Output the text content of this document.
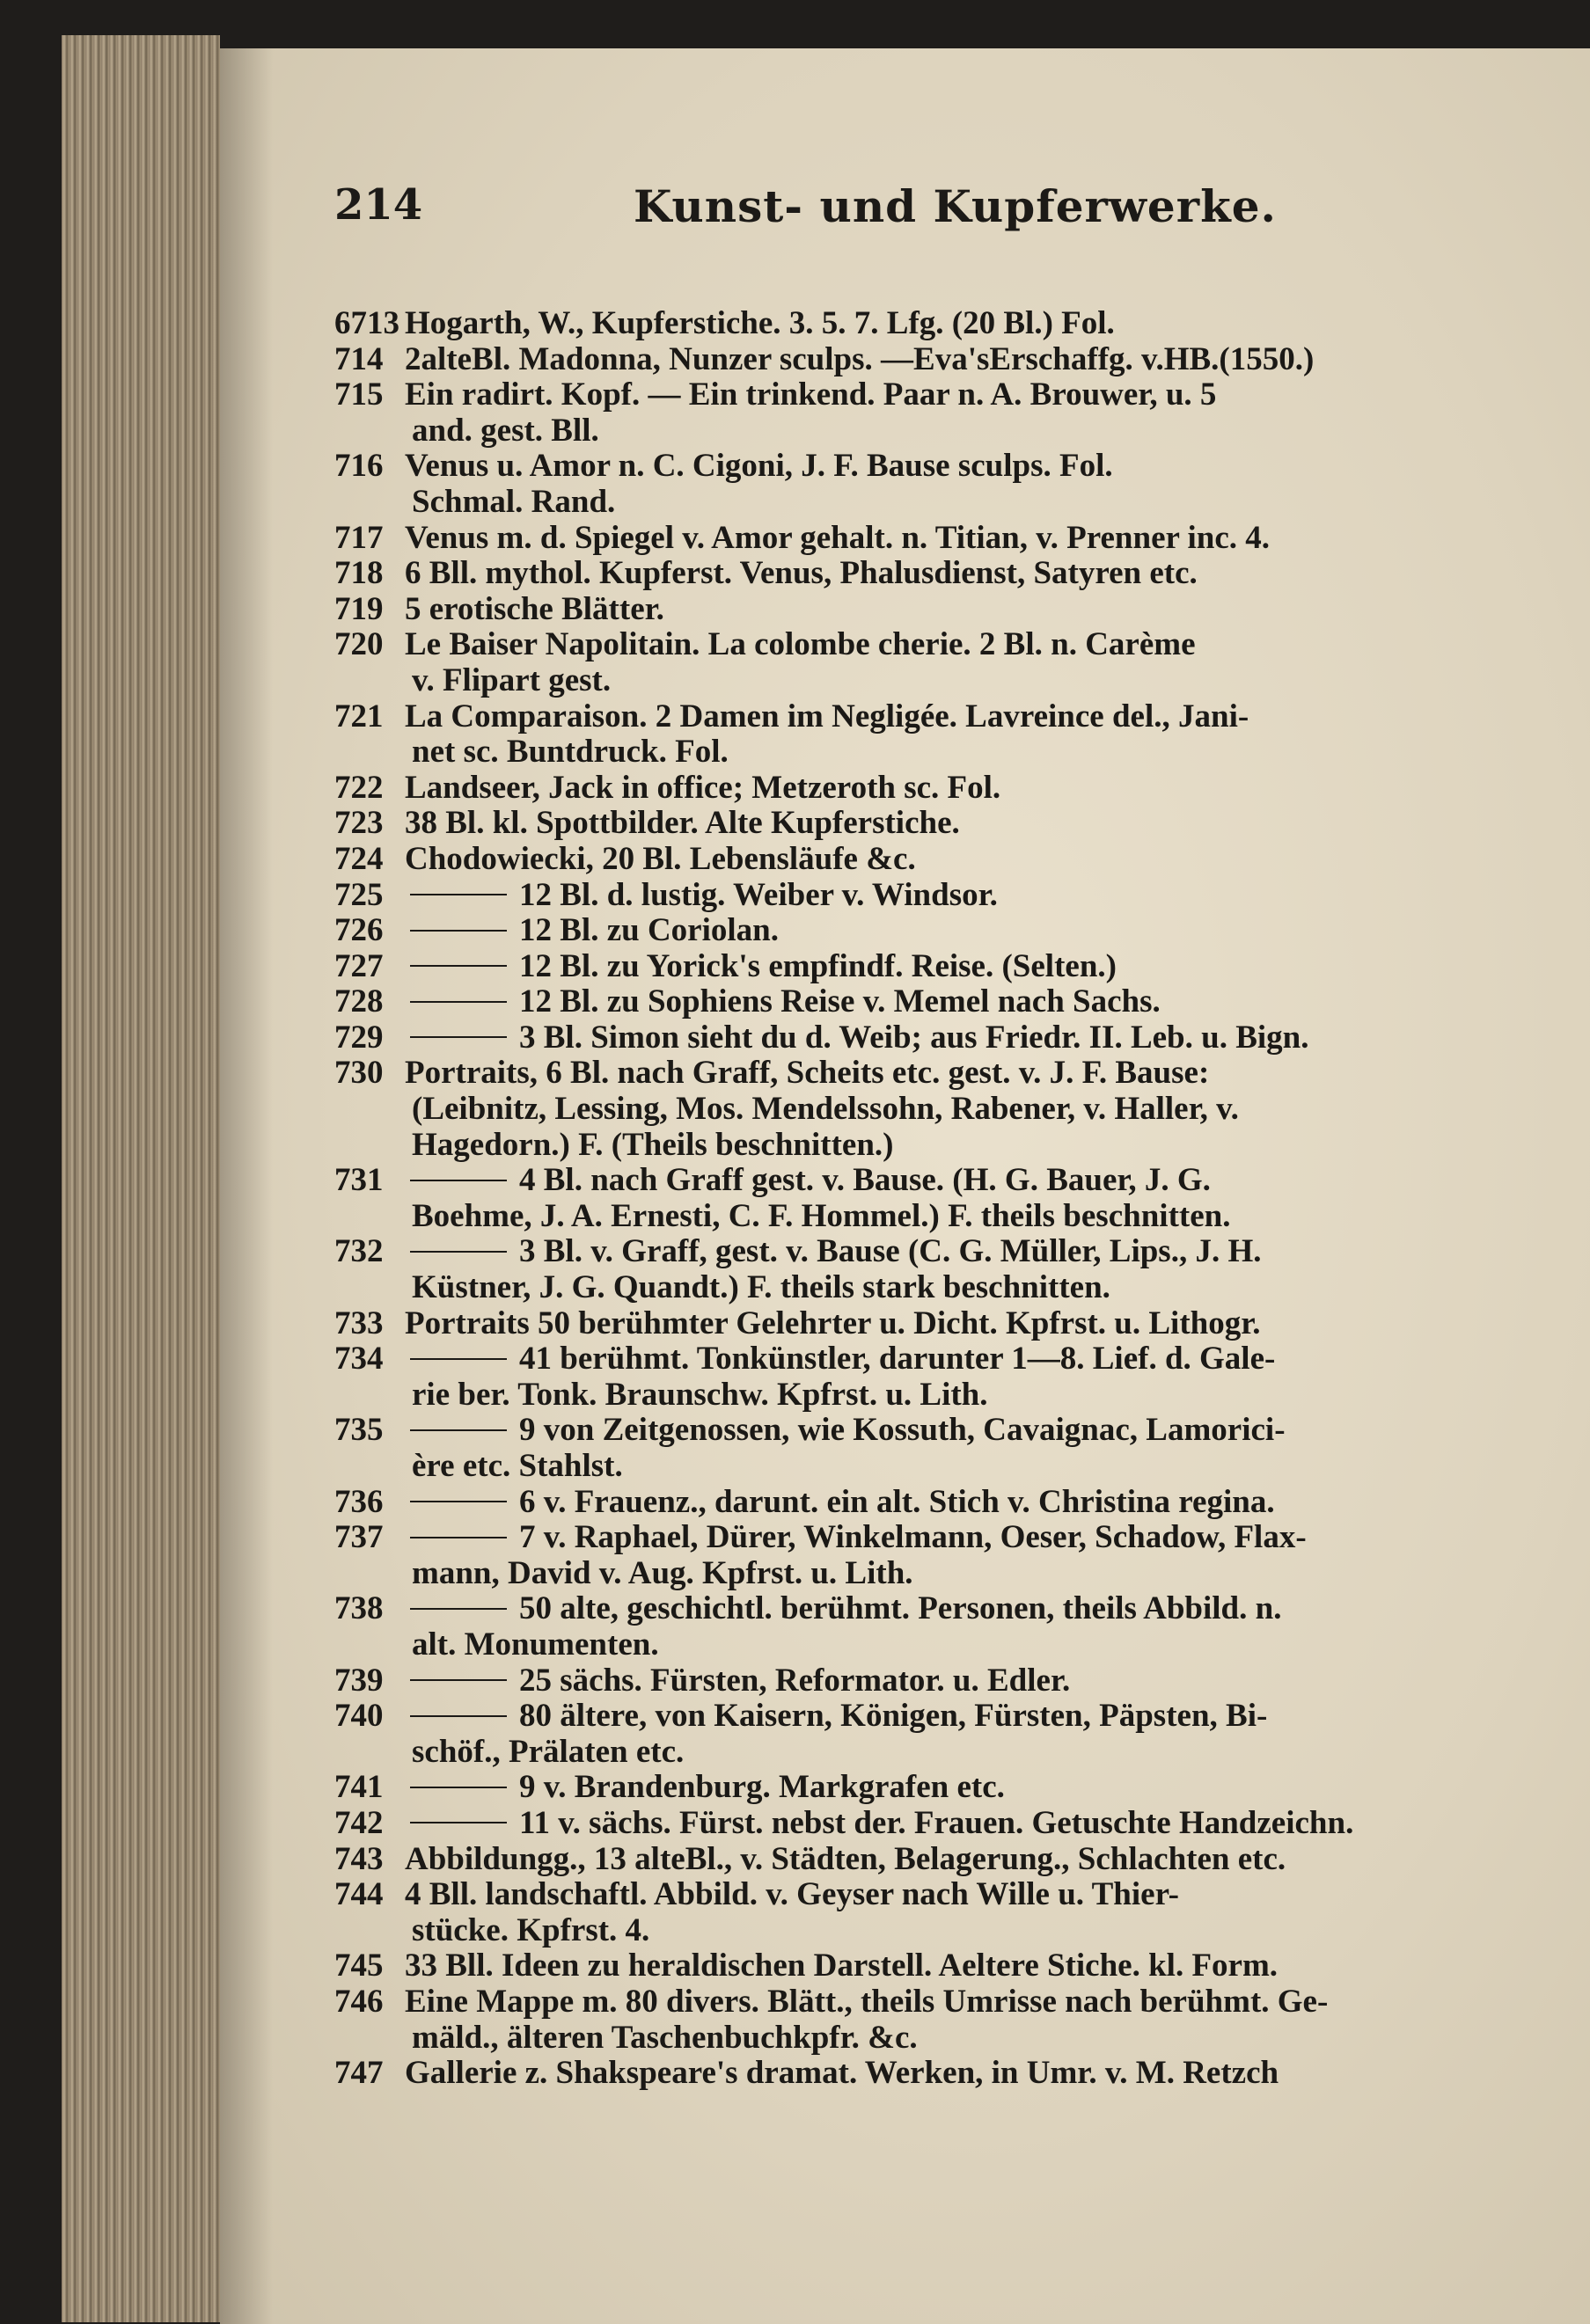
214	Kunst- und Kupferwerke.
6713 Hogarth, W., Kupferstiche. 3. 5. 7. Lfg. (20 Bl.) Fol.
714 2alteBl. Madonna, Nunzer sculps. —Eva'sErschaffg. v.HB.(1550.)
715 Ein radirt. Kopf. — Ein trinkend. Paar n. A. Brouwer, u. 5
and. gest. Bll.
716 Venus u. Amor n. C. Cigoni, J. F. Bause sculps. Fol.
Schmal. Rand.
717 Venus m. d. Spiegel v. Amor gehalt. n. Titian, v. Prenner inc. 4.
718 6 Bll. mythol. Kupferst. Venus, Phalusdienst, Satyren etc.
719 5 erotische Blätter.
720 Le Baiser Napolitain. La colombe cherie. 2 Bl. n. Carème
v. Flipart gest.
721 La Comparaison. 2 Damen im Negligée. Lavreince del., Jani-
net sc. Buntdruck. Fol.
722 Landseer, Jack in office; Metzeroth sc. Fol.
723 38 Bl. kl. Spottbilder. Alte Kupferstiche.
724 Chodowiecki, 20 Bl. Lebensläufe &c.
725	12 Bl. d. lustig. Weiber v. Windsor.
726	12 Bl. zu Coriolan.
727	12 Bl. zu Yorick's empfindf. Reise. (Selten.)
728	12 Bl. zu Sophiens Reise v. Memel nach Sachs.
729	3 Bl. Simon sieht du d. Weib; aus Friedr. II. Leb. u. Bign.
730 Portraits, 6 Bl. nach Graff, Scheits etc. gest. v. J. F. Bause:
(Leibnitz, Lessing, Mos. Mendelssohn, Rabener, v. Haller, v.
Hagedorn.) F. (Theils beschnitten.)
731	4 Bl. nach Graff gest. v. Bause. (H. G. Bauer, J. G.
Boehme, J. A. Ernesti, C. F. Hommel.) F. theils beschnitten.
732	3 Bl. v. Graff, gest. v. Bause (C. G. Müller, Lips., J. H.
Küstner, J. G. Quandt.) F. theils stark beschnitten.
733 Portraits 50 berühmter Gelehrter u. Dicht. Kpfrst. u. Lithogr.
734	41 berühmt. Tonkünstler, darunter 1—8. Lief. d. Gale-
rie ber. Tonk. Braunschw. Kpfrst. u. Lith.
735	9 von Zeitgenossen, wie Kossuth, Cavaignac, Lamorici-
ère etc. Stahlst.
736	6 v. Frauenz., darunt. ein alt. Stich v. Christina regina.
737	7 v. Raphael, Dürer, Winkelmann, Oeser, Schadow, Flax-
mann, David v. Aug. Kpfrst. u. Lith.
738	50 alte, geschichtl. berühmt. Personen, theils Abbild. n.
alt. Monumenten.
739	25 sächs. Fürsten, Reformator. u. Edler.
740	80 ältere, von Kaisern, Königen, Fürsten, Päpsten, Bi-
schöf., Prälaten etc.
741	9 v. Brandenburg. Markgrafen etc.
742	11 v. sächs. Fürst. nebst der. Frauen. Getuschte Handzeichn.
743 Abbildungg., 13 alteBl., v. Städten, Belagerung., Schlachten etc.
744 4 Bll. landschaftl. Abbild. v. Geyser nach Wille u. Thier-
stücke. Kpfrst. 4.
745 33 Bll. Ideen zu heraldischen Darstell. Aeltere Stiche. kl. Form.
746 Eine Mappe m. 80 divers. Blätt., theils Umrisse nach berühmt. Ge-
mäld., älteren Taschenbuchkpfr. &c.
747 Gallerie z. Shakspeare's dramat. Werken, in Umr. v. M. Retzch
